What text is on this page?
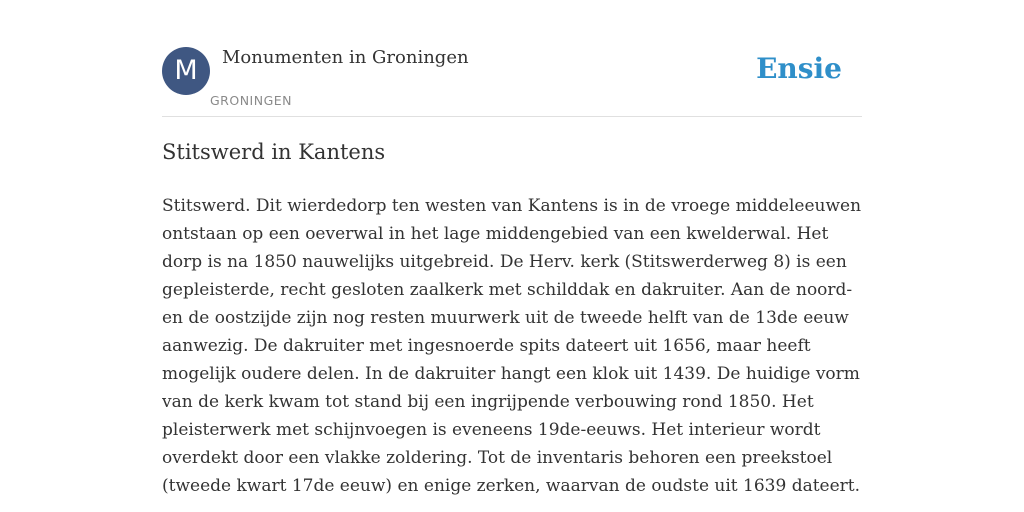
M	Monumenten in Groningen
GRONINGEN
Ensie
Stitswerd in Kantens
Stitswerd. Dit wierdedorp ten westen van Kantens is in de vroege middeleeuwen
ontstaan op een oeverwal in het lage middengebied van een kwelderwal. Het
dorp is na 1850 nauwelijks uitgebreid. De Herv. kerk (Stitswerderweg 8) is een
gepleisterde, recht gesloten zaalkerk met schilddak en dakruiter. Aan de noord-
en de oostzijde zijn nog resten muurwerk uit de tweede helft van de 13de eeuw
aanwezig. De dakruiter met ingesnoerde spits dateert uit 1656, maar heeft
mogelijk oudere delen. In de dakruiter hangt een klok uit 1439. De huidige vorm
van de kerk kwam tot stand bij een ingrijpende verbouwing rond 1850. Het
pleisterwerk met schijnvoegen is eveneens 19de-eeuws. Het interieur wordt
overdekt door een vlakke zoldering. Tot de inventaris behoren een preekstoel
(tweede kwart 17de eeuw) en enige zerken, waarvan de oudste uit 1639 dateert.
